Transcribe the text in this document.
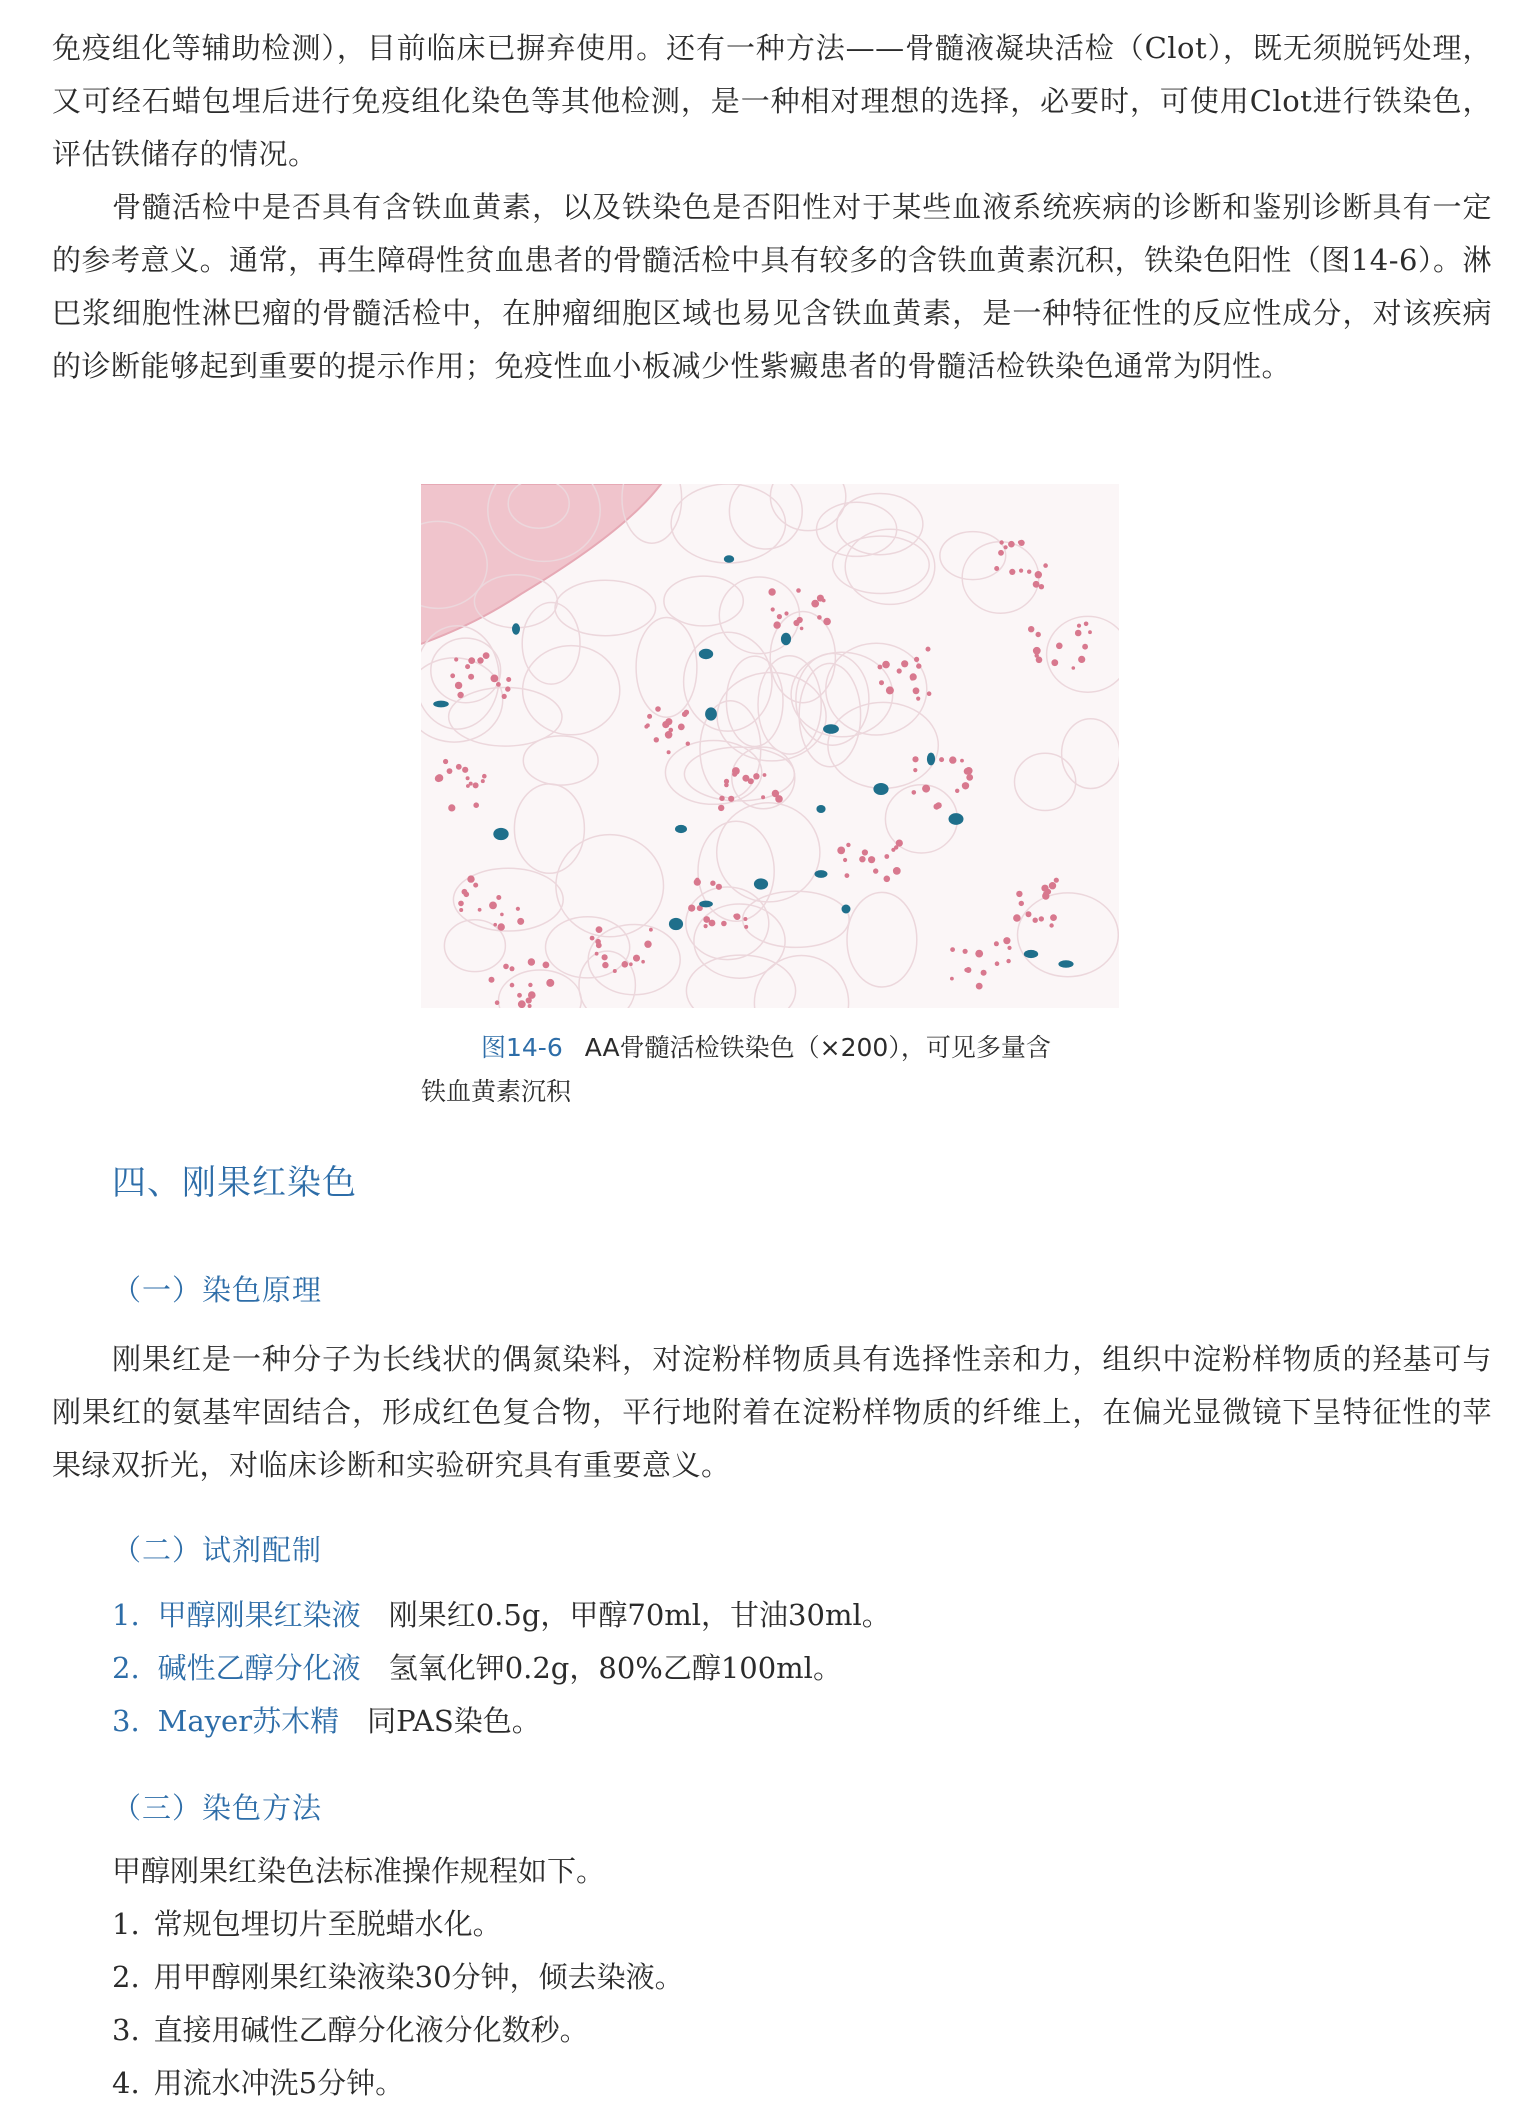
免疫组化等辅助检测），目前临床已摒弃使用。还有一种方法——骨髓液凝块活检（Clot），既无须脱钙处理，又可经石蜡包埋后进行免疫组化染色等其他检测，是一种相对理想的选择，必要时，可使用Clot进行铁染色，评估铁储存的情况。

骨髓活检中是否具有含铁血黄素，以及铁染色是否阳性对于某些血液系统疾病的诊断和鉴别诊断具有一定的参考意义。通常，再生障碍性贫血患者的骨髓活检中具有较多的含铁血黄素沉积，铁染色阳性（图14-6）。淋巴浆细胞性淋巴瘤的骨髓活检中，在肿瘤细胞区域也易见含铁血黄素，是一种特征性的反应性成分，对该疾病的诊断能够起到重要的提示作用；免疫性血小板减少性紫癜患者的骨髓活检铁染色通常为阴性。

图14-6 AA骨髓活检铁染色（×200），可见多量含
铁血黄素沉积
四、刚果红染色
（一）染色原理

刚果红是一种分子为长线状的偶氮染料，对淀粉样物质具有选择性亲和力，组织中淀粉样物质的羟基可与刚果红的氨基牢固结合，形成红色复合物，平行地附着在淀粉样物质的纤维上，在偏光显微镜下呈特征性的苹果绿双折光，对临床诊断和实验研究具有重要意义。

（二）试剂配制
1. 甲醇刚果红染液 刚果红0.5g，甲醇70ml，甘油30ml。
2. 碱性乙醇分化液 氢氧化钾0.2g，80%乙醇100ml。
3. Mayer苏木精 同PAS染色。
（三）染色方法
甲醇刚果红染色法标准操作规程如下。
1. 常规包埋切片至脱蜡水化。
2. 用甲醇刚果红染液染30分钟，倾去染液。
3. 直接用碱性乙醇分化液分化数秒。
4. 用流水冲洗5分钟。
